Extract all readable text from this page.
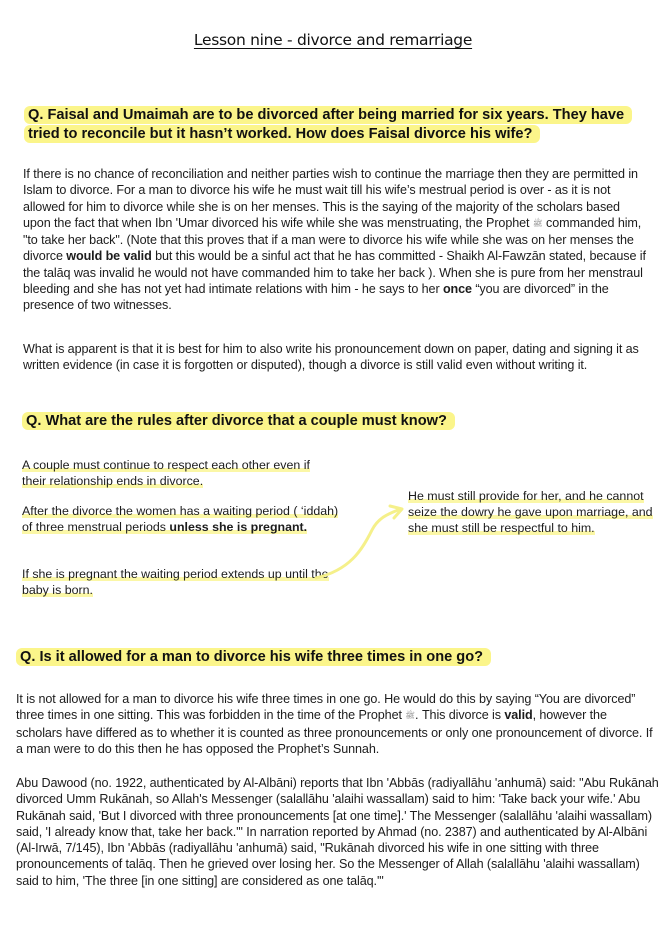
Lesson nine - divorce and remarriage
Q. Faisal and Umaimah are to be divorced after being married for six years. They have tried to reconcile but it hasn’t worked. How does Faisal divorce his wife?
If there is no chance of reconciliation and neither parties wish to continue the marriage then they are permitted in Islam to divorce. For a man to divorce his wife he must wait till his wife’s mestrual period is over - as it is not allowed for him to divorce while she is on her menses. This is the saying of the majority of the scholars based upon the fact that when Ibn 'Umar divorced his wife while she was menstruating, the Prophet ﷺ commanded him, "to take her back". (Note that this proves that if a man were to divorce his wife while she was on her menses the divorce would be valid but this would be a sinful act that he has committed - Shaikh Al-Fawzān stated, because if the talāq was invalid he would not have commanded him to take her back ). When she is pure from her menstraul bleeding and she has not yet had intimate relations with him - he says to her once “you are divorced” in the presence of two witnesses.
What is apparent is that it is best for him to also write his pronouncement down on paper, dating and signing it as written evidence (in case it is forgotten or disputed), though a divorce is still valid even without writing it.
Q. What are the rules after divorce that a couple must know?
A couple must continue to respect each other even if their relationship ends in divorce.
After the divorce the women has a waiting period ( ‘iddah) of three menstrual periods unless she is pregnant.
If she is pregnant the waiting period extends up until the baby is born.
He must still provide for her, and he cannot seize the dowry he gave upon marriage, and she must still be respectful to him.
Q. Is it allowed for a man to divorce his wife three times in one go?
It is not allowed for a man to divorce his wife three times in one go. He would do this by saying “You are divorced” three times in one sitting. This was forbidden in the time of the Prophet ﷺ. This divorce is valid, however the scholars have differed as to whether it is counted as three pronouncements or only one pronouncement of divorce. If a man were to do this then he has opposed the Prophet’s Sunnah.
Abu Dawood (no. 1922, authenticated by Al-Albāni) reports that Ibn 'Abbās (radiyallāhu 'anhumā) said: "Abu Rukānah divorced Umm Rukānah, so Allah's Messenger (salallāhu 'alaihi wassallam) said to him: 'Take back your wife.' Abu Rukānah said, 'But I divorced with three pronouncements [at one time].' The Messenger (salallāhu 'alaihi wassallam) said, 'I already know that, take her back.'" In narration reported by Ahmad (no. 2387) and authenticated by Al-Albāni (Al-Irwā, 7/145), Ibn 'Abbās (radiyallāhu 'anhumā) said, "Rukānah divorced his wife in one sitting with three pronouncements of talāq. Then he grieved over losing her. So the Messenger of Allah (salallāhu 'alaihi wassallam) said to him, 'The three [in one sitting] are considered as one talāq.'"
